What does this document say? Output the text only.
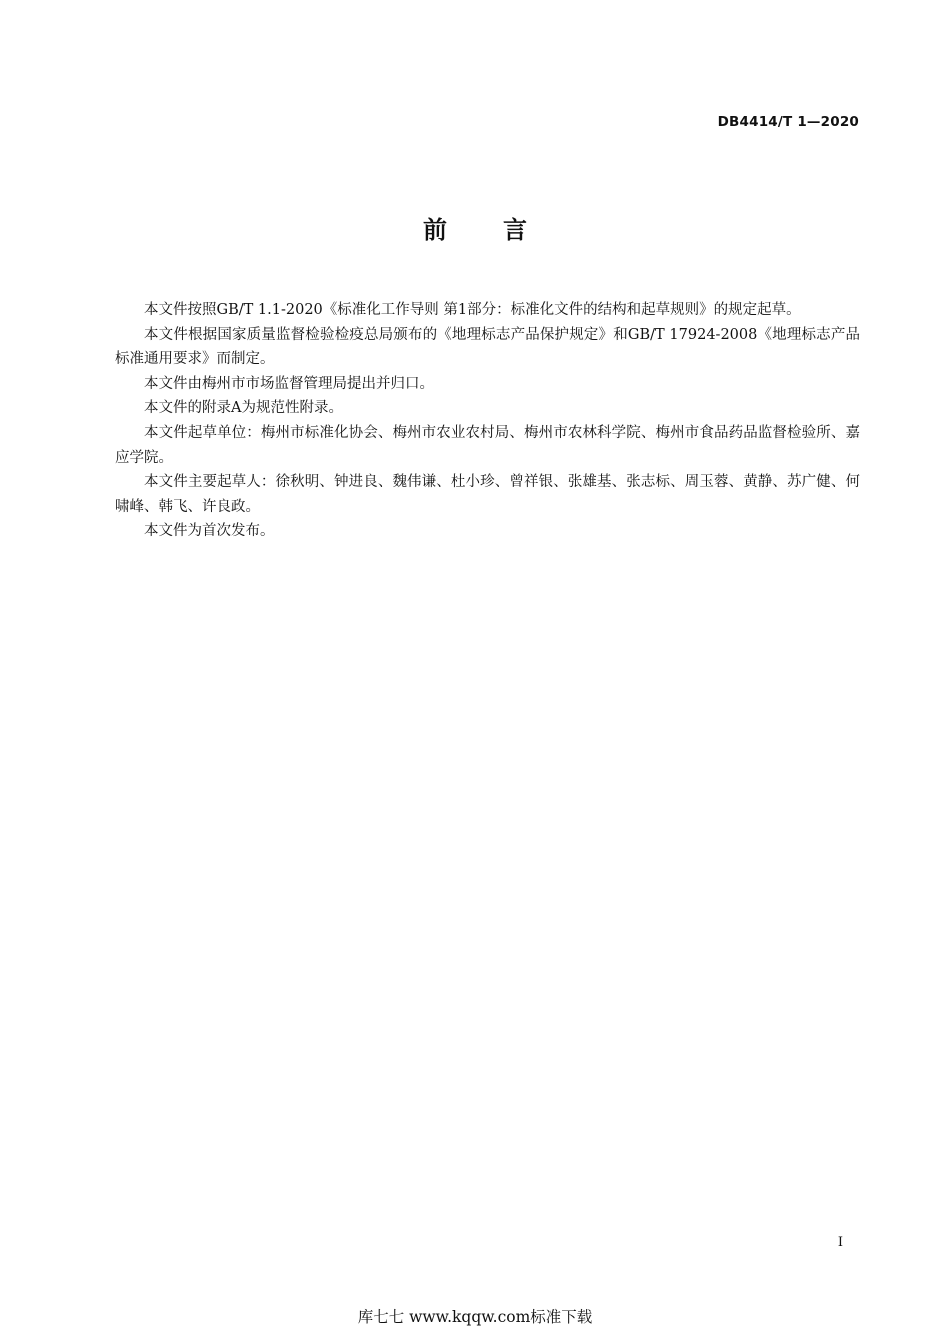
DB4414/T 1—2020
前言

本文件按照GB/T 1.1-2020《标准化工作导则 第1部分：标准化文件的结构和起草规则》的规定起草。

本文件根据国家质量监督检验检疫总局颁布的《地理标志产品保护规定》和GB/T 17924-2008《地理标志产品标准通用要求》而制定。

本文件由梅州市市场监督管理局提出并归口。

本文件的附录A为规范性附录。

本文件起草单位：梅州市标准化协会、梅州市农业农村局、梅州市农林科学院、梅州市食品药品监督检验所、嘉应学院。

本文件主要起草人：徐秋明、钟进良、魏伟谦、杜小珍、曾祥银、张雄基、张志标、周玉蓉、黄静、苏广健、何啸峰、韩飞、许良政。

本文件为首次发布。

I
库七七 www.kqqw.com标准下载
